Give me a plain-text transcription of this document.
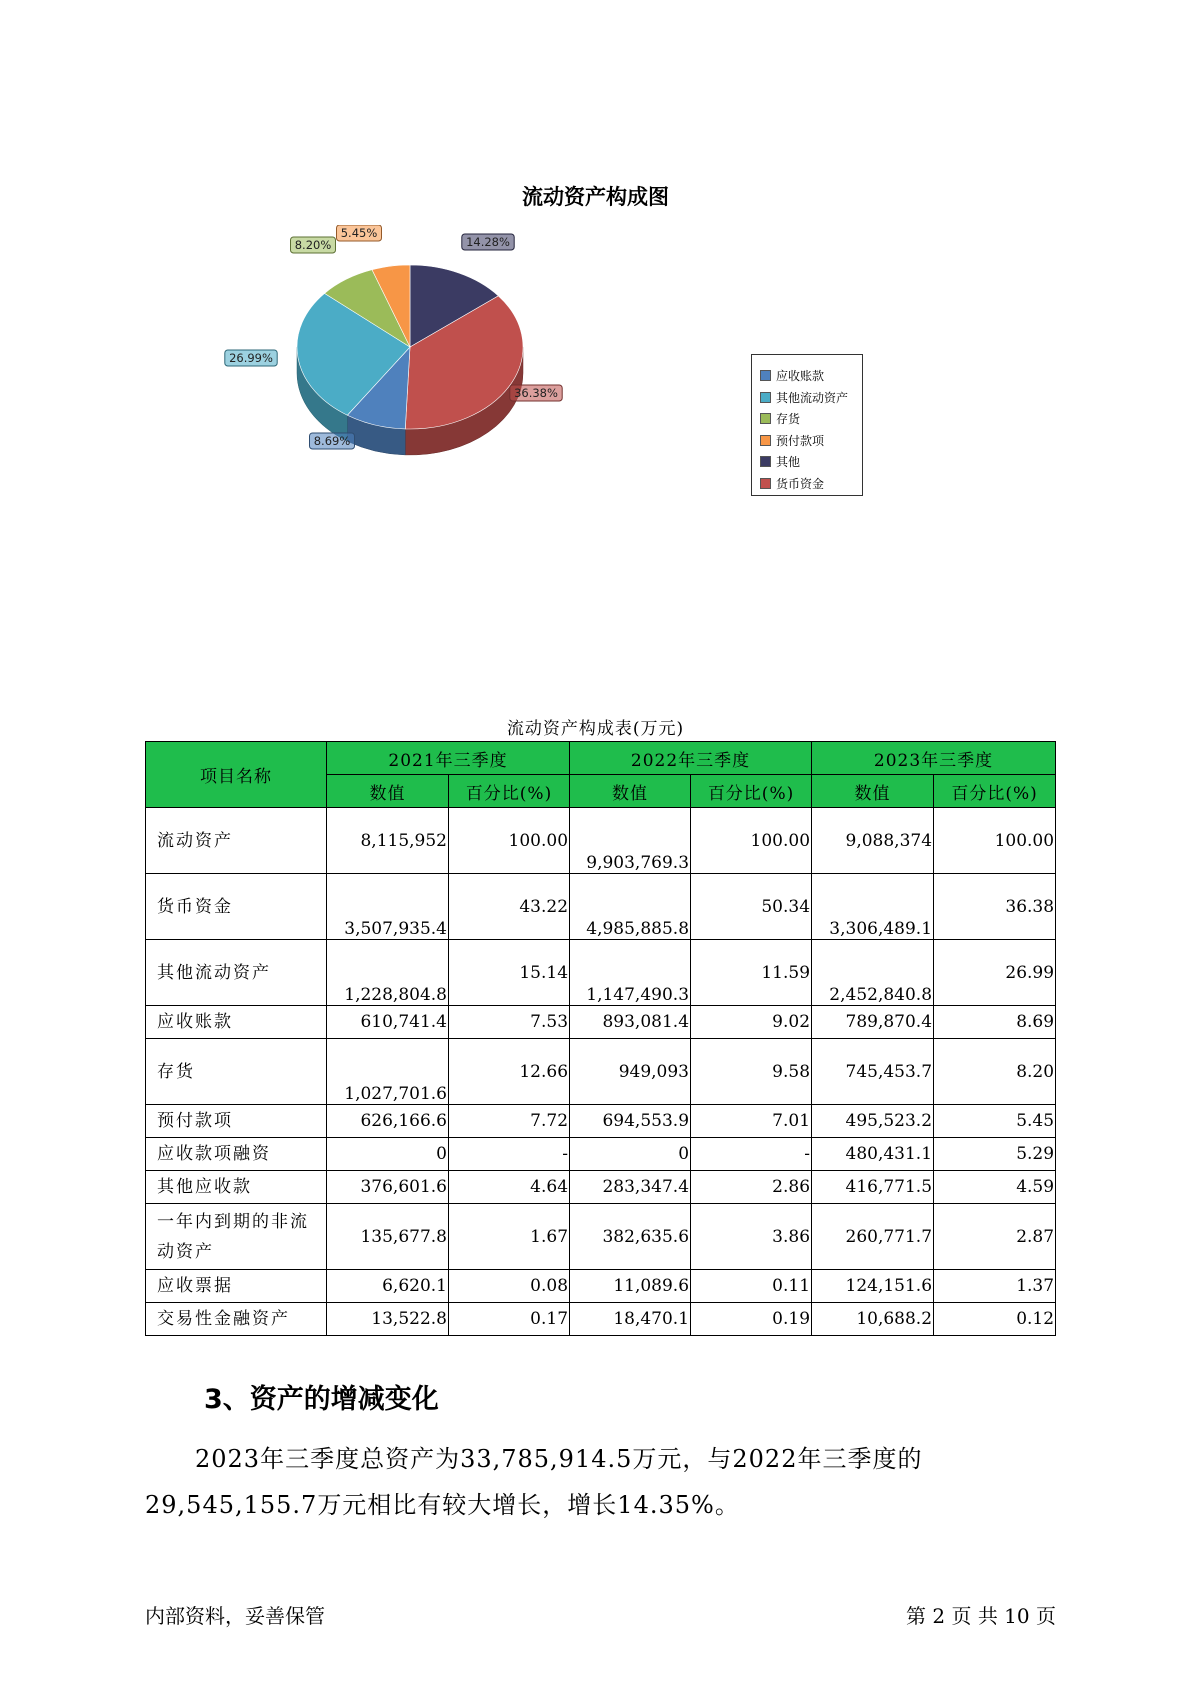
流动资产构成图
14.28%
36.38%
8.69%
26.99%
8.20%
5.45%
应收账款
其他流动资产
存货
预付款项
其他
货币资金
流动资产构成表(万元)
项目名称	2021年三季度		2022年三季度		2023年三季度	
	数值	百分比(%)	数值	百分比(%)	数值	百分比(%)
流动资产	8,115,952	100.00	9,903,769.3	100.00	9,088,374	100.00
货币资金	3,507,935.4	43.22	4,985,885.8	50.34	3,306,489.1	36.38
其他流动资产	1,228,804.8	15.14	1,147,490.3	11.59	2,452,840.8	26.99
应收账款	610,741.4	7.53	893,081.4	9.02	789,870.4	8.69
存货	1,027,701.6	12.66	949,093	9.58	745,453.7	8.20
预付款项	626,166.6	7.72	694,553.9	7.01	495,523.2	5.45
应收款项融资	0	-	0	-	480,431.1	5.29
其他应收款	376,601.6	4.64	283,347.4	2.86	416,771.5	4.59
一年内到期的非流动资产	135,677.8	1.67	382,635.6	3.86	260,771.7	2.87
应收票据	6,620.1	0.08	11,089.6	0.11	124,151.6	1.37
交易性金融资产	13,522.8	0.17	18,470.1	0.19	10,688.2	0.12
3、资产的增减变化
2023年三季度总资产为33,785,914.5万元，与2022年三季度的29,545,155.7万元相比有较大增长，增长14.35%。
内部资料，妥善保管	第 2 页 共 10 页
